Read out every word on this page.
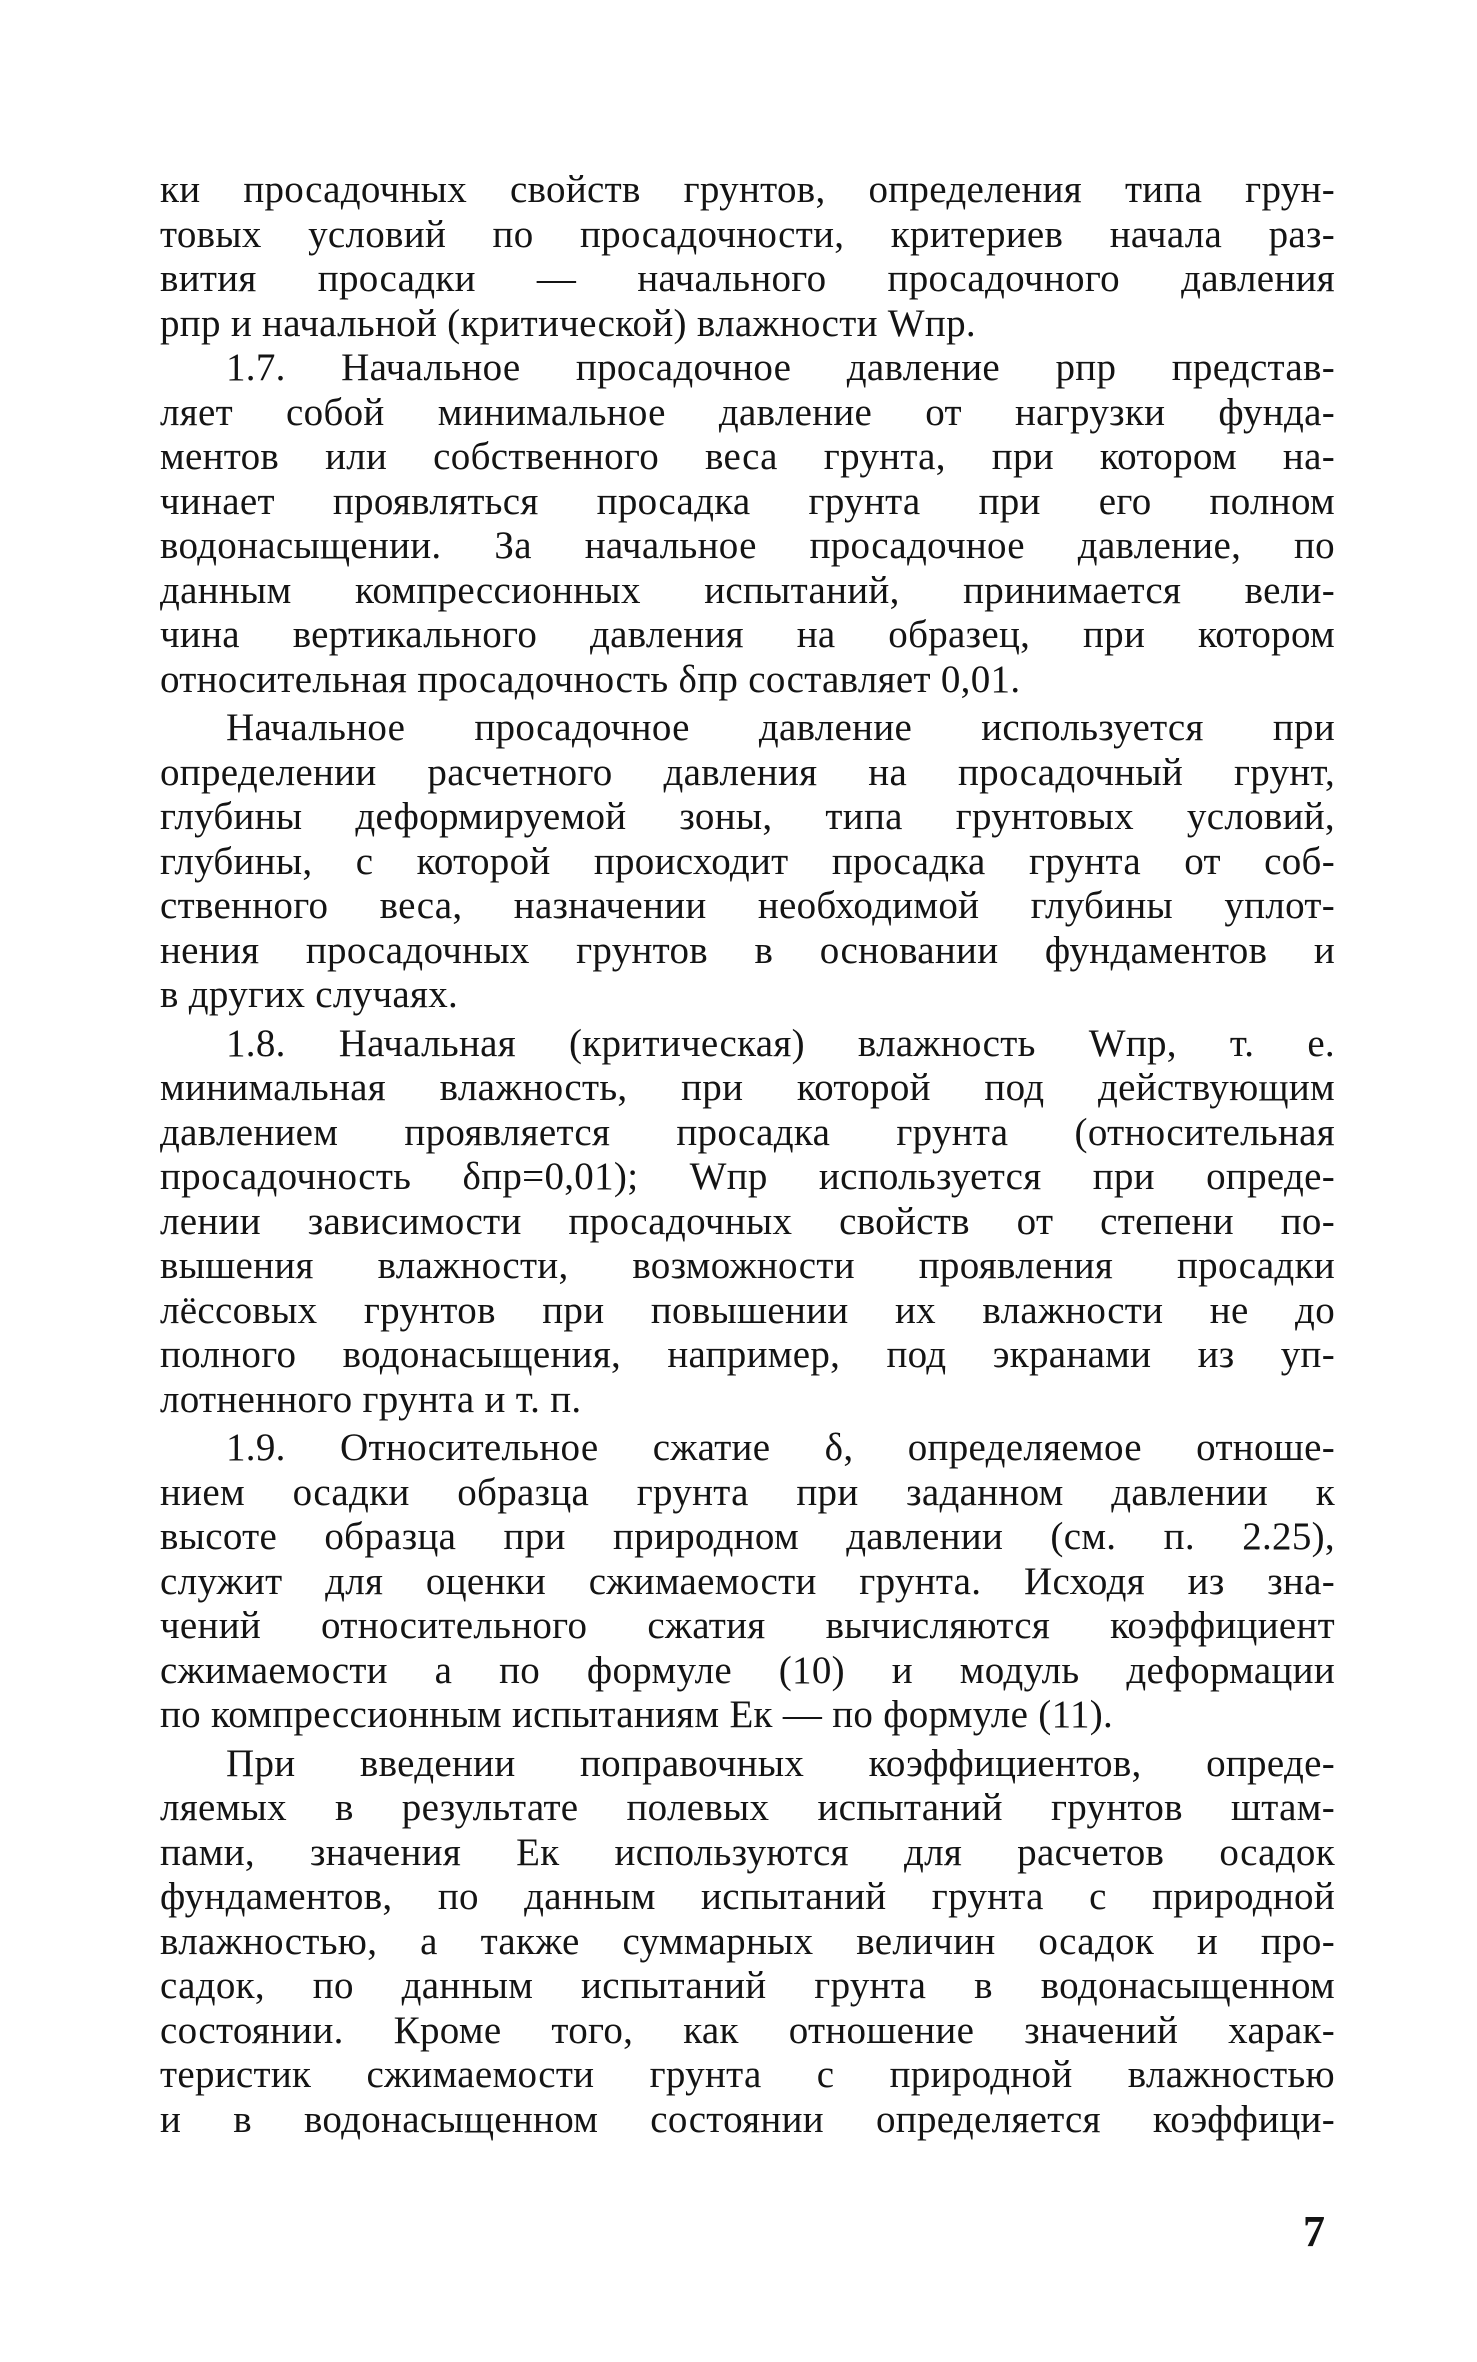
ки просадочных свойств грунтов, определения типа грун-
товых условий по просадочности, критериев начала раз-
вития просадки — начального просадочного давления
pпр и начальной (критической) влажности Wпр.
1.7. Начальное просадочное давление pпр представ-
ляет собой минимальное давление от нагрузки фунда-
ментов или собственного веса грунта, при котором на-
чинает проявляться просадка грунта при его полном
водонасыщении. За начальное просадочное давление, по
данным компрессионных испытаний, принимается вели-
чина вертикального давления на образец, при котором
относительная просадочность δпр составляет 0,01.
Начальное просадочное давление используется при
определении расчетного давления на просадочный грунт,
глубины деформируемой зоны, типа грунтовых условий,
глубины, с которой происходит просадка грунта от соб-
ственного веса, назначении необходимой глубины уплот-
нения просадочных грунтов в основании фундаментов и
в других случаях.
1.8. Начальная (критическая) влажность Wпр, т. е.
минимальная влажность, при которой под действующим
давлением проявляется просадка грунта (относительная
просадочность δпр=0,01); Wпр используется при опреде-
лении зависимости просадочных свойств от степени по-
вышения влажности, возможности проявления просадки
лёссовых грунтов при повышении их влажности не до
полного водонасыщения, например, под экранами из уп-
лотненного грунта и т. п.
1.9. Относительное сжатие δ, определяемое отноше-
нием осадки образца грунта при заданном давлении к
высоте образца при природном давлении (см. п. 2.25),
служит для оценки сжимаемости грунта. Исходя из зна-
чений относительного сжатия вычисляются коэффициент
сжимаемости a по формуле (10) и модуль деформации
по компрессионным испытаниям Eк — по формуле (11).
При введении поправочных коэффициентов, опреде-
ляемых в результате полевых испытаний грунтов штам-
пами, значения Eк используются для расчетов осадок
фундаментов, по данным испытаний грунта с природной
влажностью, а также суммарных величин осадок и про-
садок, по данным испытаний грунта в водонасыщенном
состоянии. Кроме того, как отношение значений харак-
теристик сжимаемости грунта с природной влажностью
и в водонасыщенном состоянии определяется коэффици-
7
